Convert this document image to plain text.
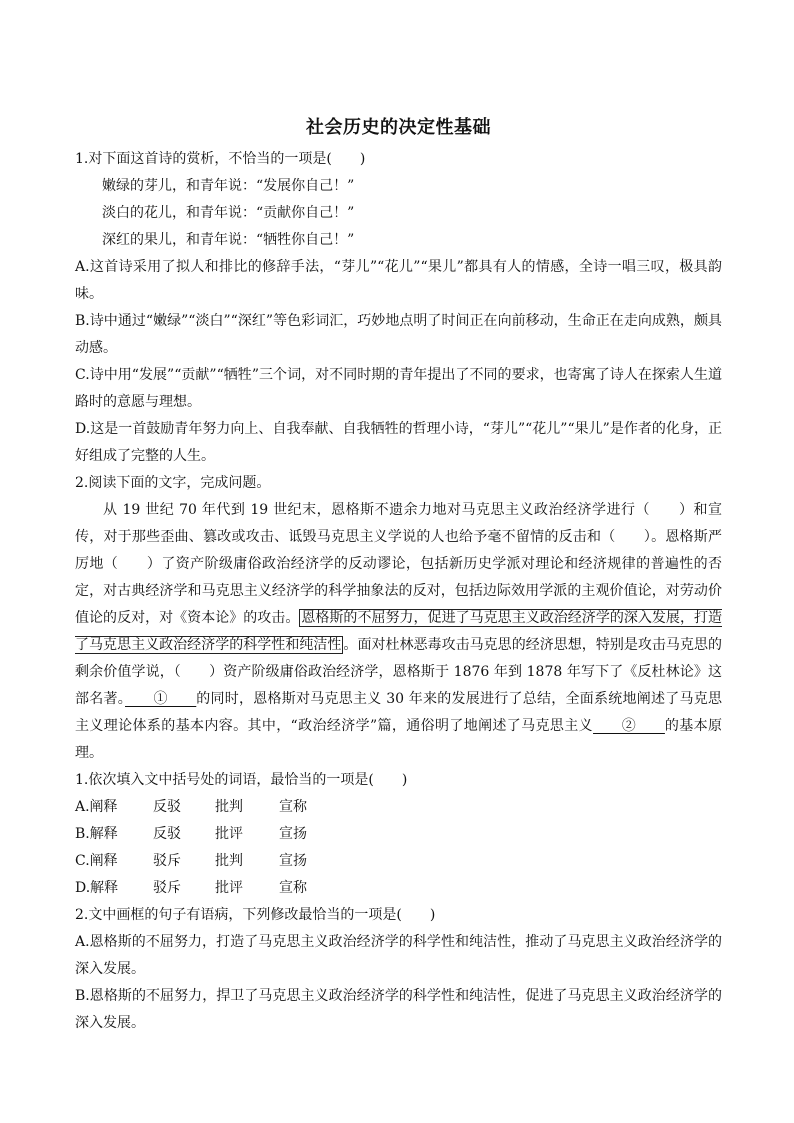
社会历史的决定性基础
1.对下面这首诗的赏析，不恰当的一项是(　　)
嫩绿的芽儿，和青年说：“发展你自己！”
淡白的花儿，和青年说：“贡献你自己！”
深红的果儿，和青年说：“牺牲你自己！”
A.这首诗采用了拟人和排比的修辞手法，“芽儿”“花儿”“果儿”都具有人的情感，全诗一唱三叹，极具韵味。
B.诗中通过“嫩绿”“淡白”“深红”等色彩词汇，巧妙地点明了时间正在向前移动，生命正在走向成熟，颇具动感。
C.诗中用“发展”“贡献”“牺牲”三个词，对不同时期的青年提出了不同的要求，也寄寓了诗人在探索人生道路时的意愿与理想。
D.这是一首鼓励青年努力向上、自我奉献、自我牺牲的哲理小诗，“芽儿”“花儿”“果儿”是作者的化身，正好组成了完整的人生。
2.阅读下面的文字，完成问题。
从 19 世纪 70 年代到 19 世纪末，恩格斯不遗余力地对马克思主义政治经济学进行（　　）和宣传，对于那些歪曲、篡改或攻击、诋毁马克思主义学说的人也给予毫不留情的反击和（　　）。恩格斯严厉地（　　）了资产阶级庸俗政治经济学的反动谬论，包括新历史学派对理论和经济规律的普遍性的否定，对古典经济学和马克思主义经济学的科学抽象法的反对，包括边际效用学派的主观价值论，对劳动价值论的反对，对《资本论》的攻击。 恩格斯的不屈努力，促进了马克思主义政治经济学的深入发展，打造了马克思主义政治经济学的科学性和纯洁性 。面对杜林恶毒攻击马克思的经济思想，特别是攻击马克思的剩余价值学说，（　　）资产阶级庸俗政治经济学，恩格斯于 1876 年到 1878 年写下了《反杜林论》这部名著。　　①　　的同时，恩格斯对马克思主义 30 年来的发展进行了总结，全面系统地阐述了马克思主义理论体系的基本内容。其中，“政治经济学”篇，通俗明了地阐述了马克思主义　　②　　的基本原理。
1.依次填入文中括号处的词语，最恰当的一项是(　　)
A.阐释	反驳	批判	宣称
B.解释	反驳	批评	宣扬
C.阐释	驳斥	批判	宣扬
D.解释	驳斥	批评	宣称
2.文中画框的句子有语病，下列修改最恰当的一项是(　　)
A.恩格斯的不屈努力，打造了马克思主义政治经济学的科学性和纯洁性，推动了马克思主义政治经济学的深入发展。
B.恩格斯的不屈努力，捍卫了马克思主义政治经济学的科学性和纯洁性，促进了马克思主义政治经济学的深入发展。
